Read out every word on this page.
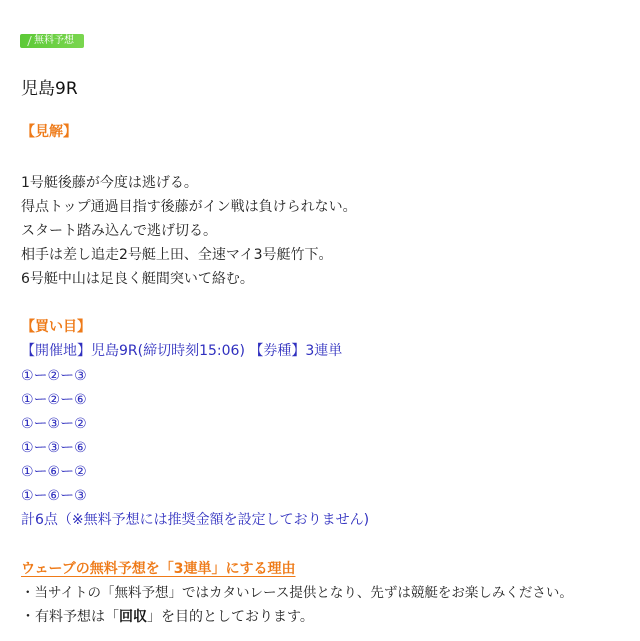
無料予想
児島9R
【見解】
1号艇後藤が今度は逃げる。
得点トップ通過目指す後藤がイン戦は負けられない。
スタート踏み込んで逃げ切る。
相手は差し追走2号艇上田、全速マイ3号艇竹下。
6号艇中山は足良く艇間突いて絡む。
【買い目】
【開催地】児島9R(締切時刻15:06) 【券種】3連単
①ー②ー③
①ー②ー⑥
①ー③ー②
①ー③ー⑥
①ー⑥ー②
①ー⑥ー③
計6点（※無料予想には推奨金額を設定しておりません)
ウェーブの無料予想を「3連単」にする理由
・当サイトの「無料予想」ではカタいレース提供となり、先ずは競艇をお楽しみください。
・有料予想は「回収」を目的としております。
